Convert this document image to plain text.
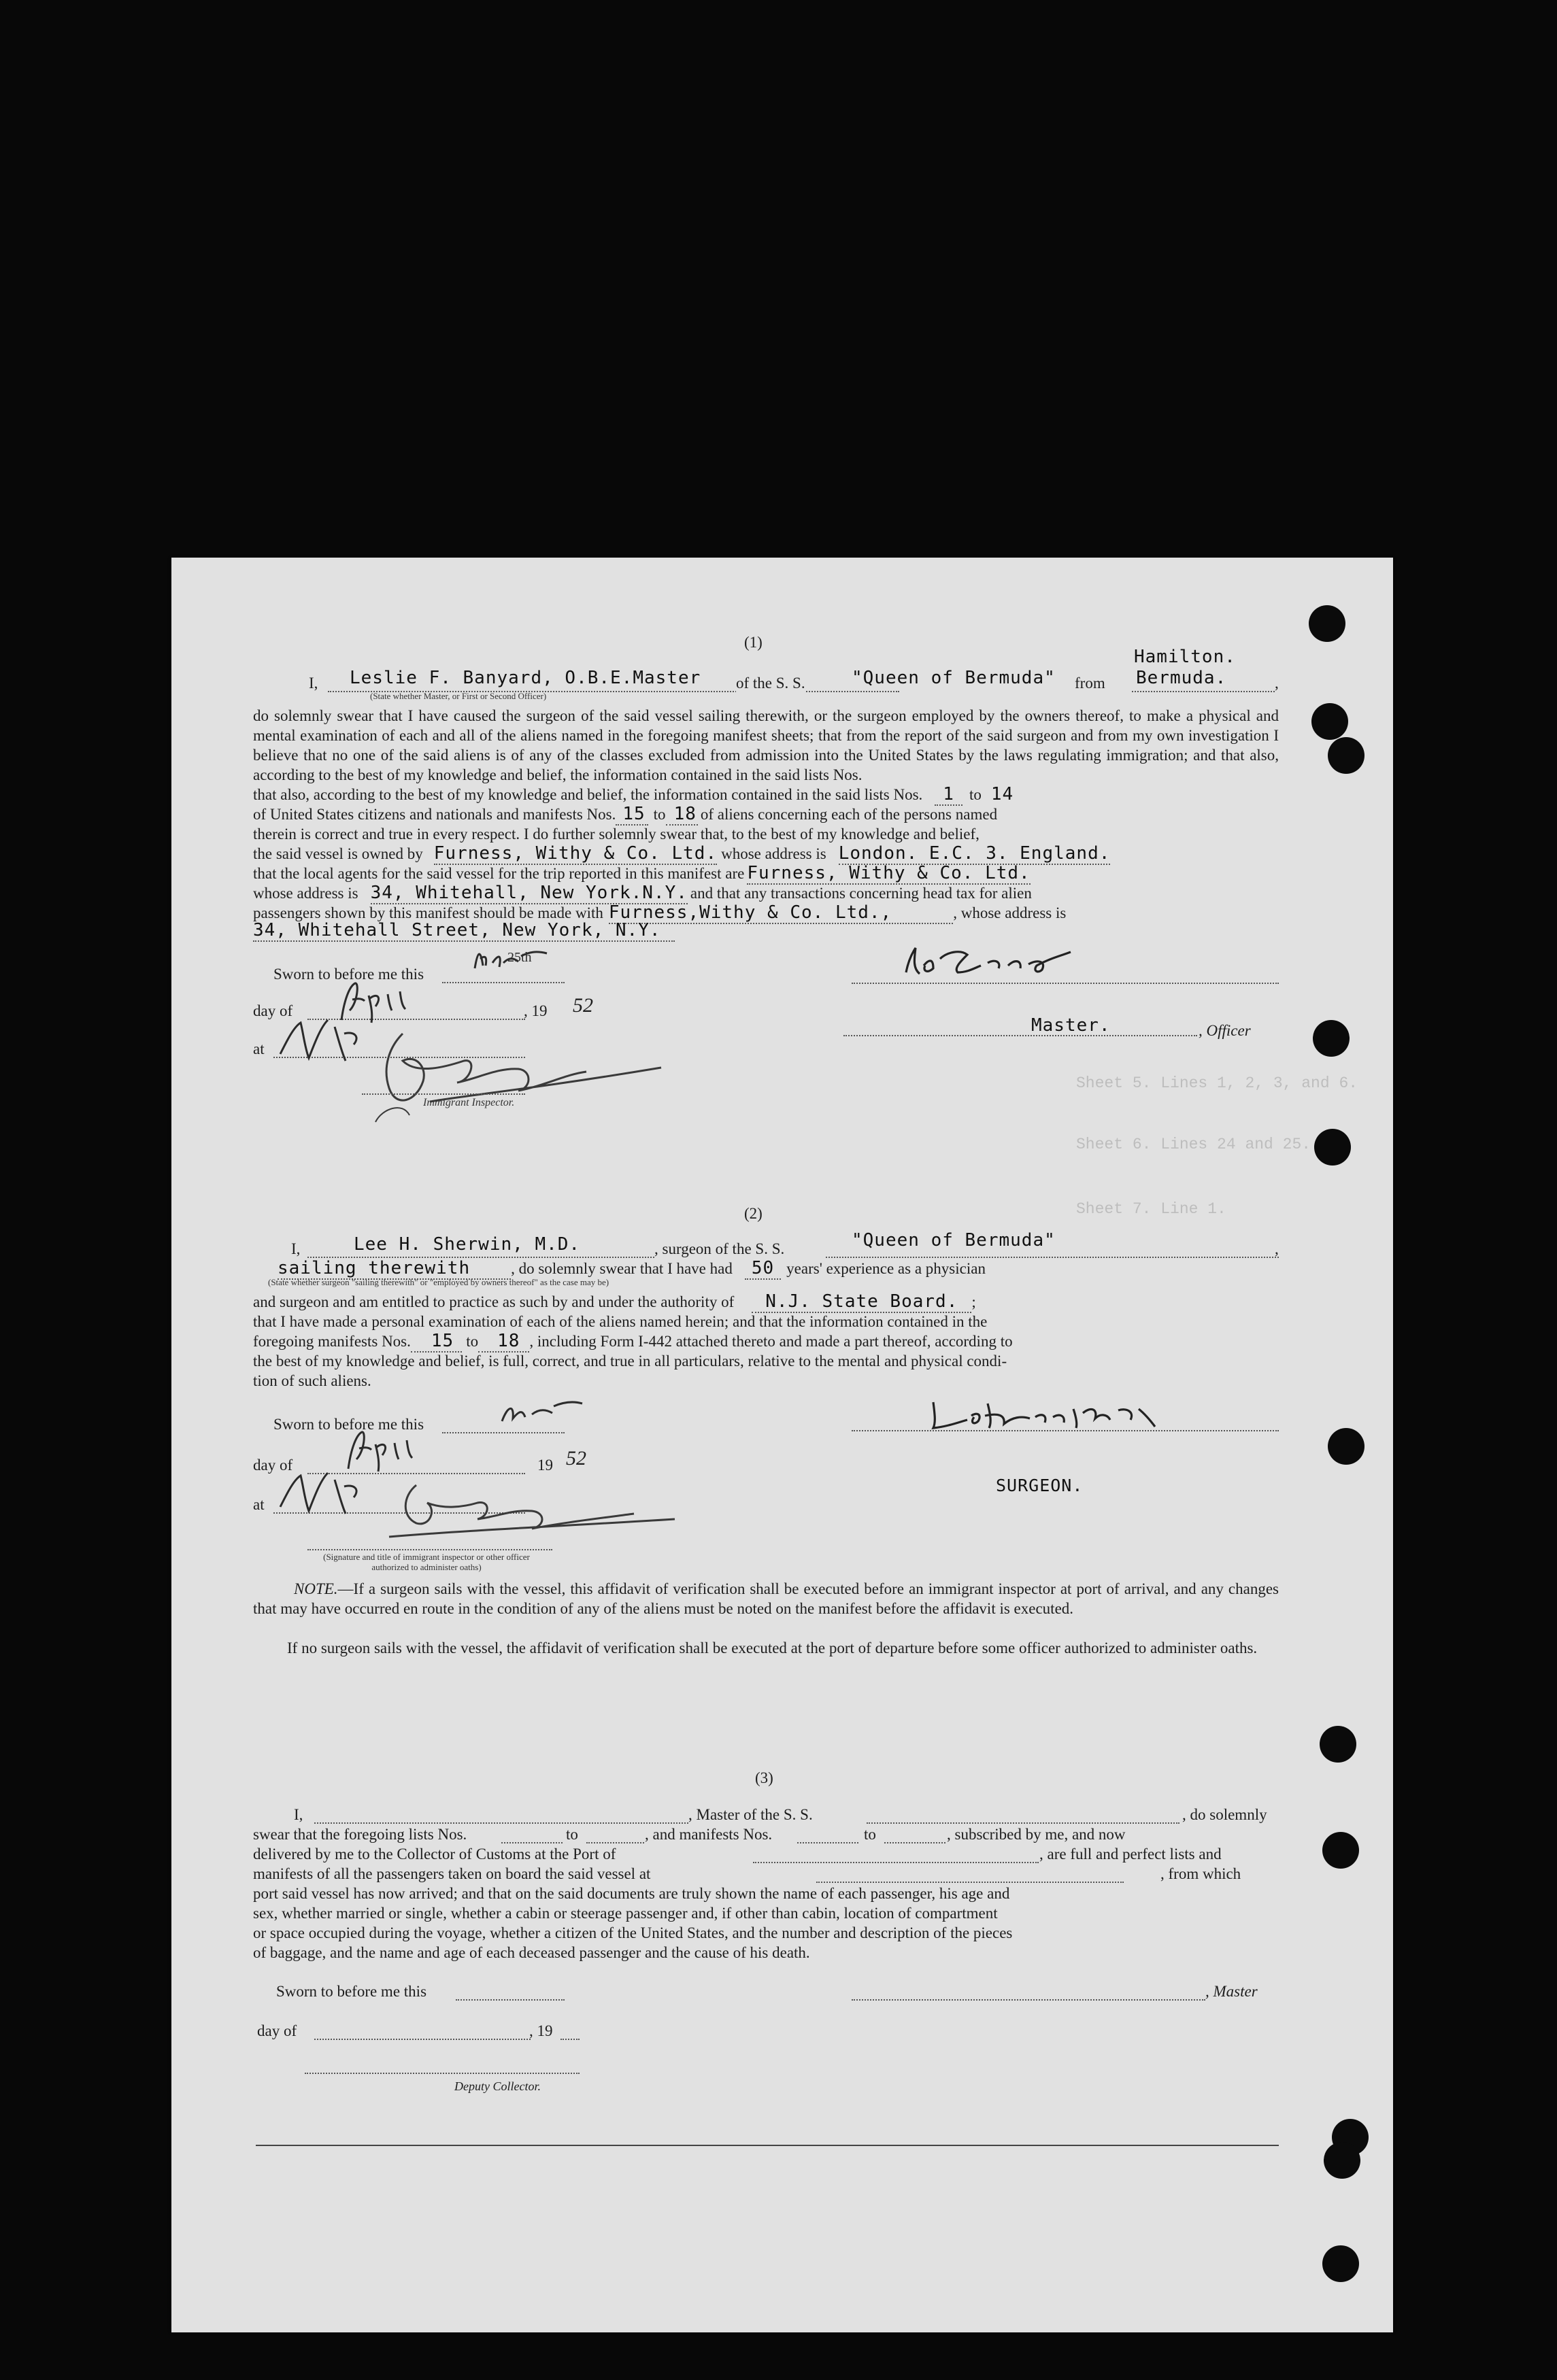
Sheet 5. Lines 1, 2, 3, and 6.
Sheet 6. Lines 24 and 25.
Sheet 7. Line 1.
(1)
I, Leslie F. Banyard, O.B.E.Master of the S. S.	"Queen of Bermuda" from
Hamilton.
Bermuda.	,
(State whether Master, or First or Second Officer)
do solemnly swear that I have caused the surgeon of the said vessel sailing therewith, or the surgeon employed by the owners thereof, to make a physical and mental examination of each and all of the aliens named in the foregoing manifest sheets; that from the report of the said surgeon and from my own investigation I believe that no one of the said aliens is of any of the classes excluded from admission into the United States by the laws regulating immigration; and that also, according to the best of my knowledge and belief, the information contained in the said lists Nos.
that also, according to the best of my knowledge and belief, the information contained in the said lists Nos.	1 to 14
of United States citizens and nationals and manifests Nos. 15 to 18 of aliens concerning each of the persons named
therein is correct and true in every respect. I do further solemnly swear that, to the best of my knowledge and belief,
the said vessel is owned by Furness, Withy & Co. Ltd. whose address is London. E.C. 3. England.
that the local agents for the said vessel for the trip reported in this manifest are Furness, Withy & Co. Ltd.
whose address is 34, Whitehall, New York.N.Y. and that any transactions concerning head tax for alien
passengers shown by this manifest should be made with Furness,Withy & Co. Ltd.,	, whose address is
34, Whitehall Street, New York, N.Y.
Sworn to before me this
25th
day of	, 19 52
at
Immigrant Inspector.
Master.	, Officer
(2)
I,	Lee H. Sherwin, M.D.	, surgeon of the S. S.	"Queen of Bermuda"	,
sailing therewith	, do solemnly swear that I have had	50 years' experience as a physician
(State whether surgeon "sailing therewith" or "employed by owners thereof" as the case may be)
and surgeon and am entitled to practice as such by and under the authority of	N.J. State Board. ;
that I have made a personal examination of each of the aliens named herein; and that the information contained in the
foregoing manifests Nos.	15 to	18 , including Form I-442 attached thereto and made a part thereof, according to
the best of my knowledge and belief, is full, correct, and true in all particulars, relative to the mental and physical condi-
tion of such aliens.
Sworn to before me this
day of	19 52
at
(Signature and title of immigrant inspector or other officer authorized to administer oaths)
SURGEON.
NOTE.—If a surgeon sails with the vessel, this affidavit of verification shall be executed before an immigrant inspector at port of arrival, and any changes that may have occurred en route in the condition of any of the aliens must be noted on the manifest before the affidavit is executed.
If no surgeon sails with the vessel, the affidavit of verification shall be executed at the port of departure before some officer authorized to administer oaths.
(3)
I,	, Master of the S. S.	, do solemnly
swear that the foregoing lists Nos.	to	, and manifests Nos.	to	, subscribed by me, and now
delivered by me to the Collector of Customs at the Port of	, are full and perfect lists and
manifests of all the passengers taken on board the said vessel at	, from which
port said vessel has now arrived; and that on the said documents are truly shown the name of each passenger, his age and
sex, whether married or single, whether a cabin or steerage passenger and, if other than cabin, location of compartment
or space occupied during the voyage, whether a citizen of the United States, and the number and description of the pieces
of baggage, and the name and age of each deceased passenger and the cause of his death.
Sworn to before me this	, Master
day of	, 19
Deputy Collector.
